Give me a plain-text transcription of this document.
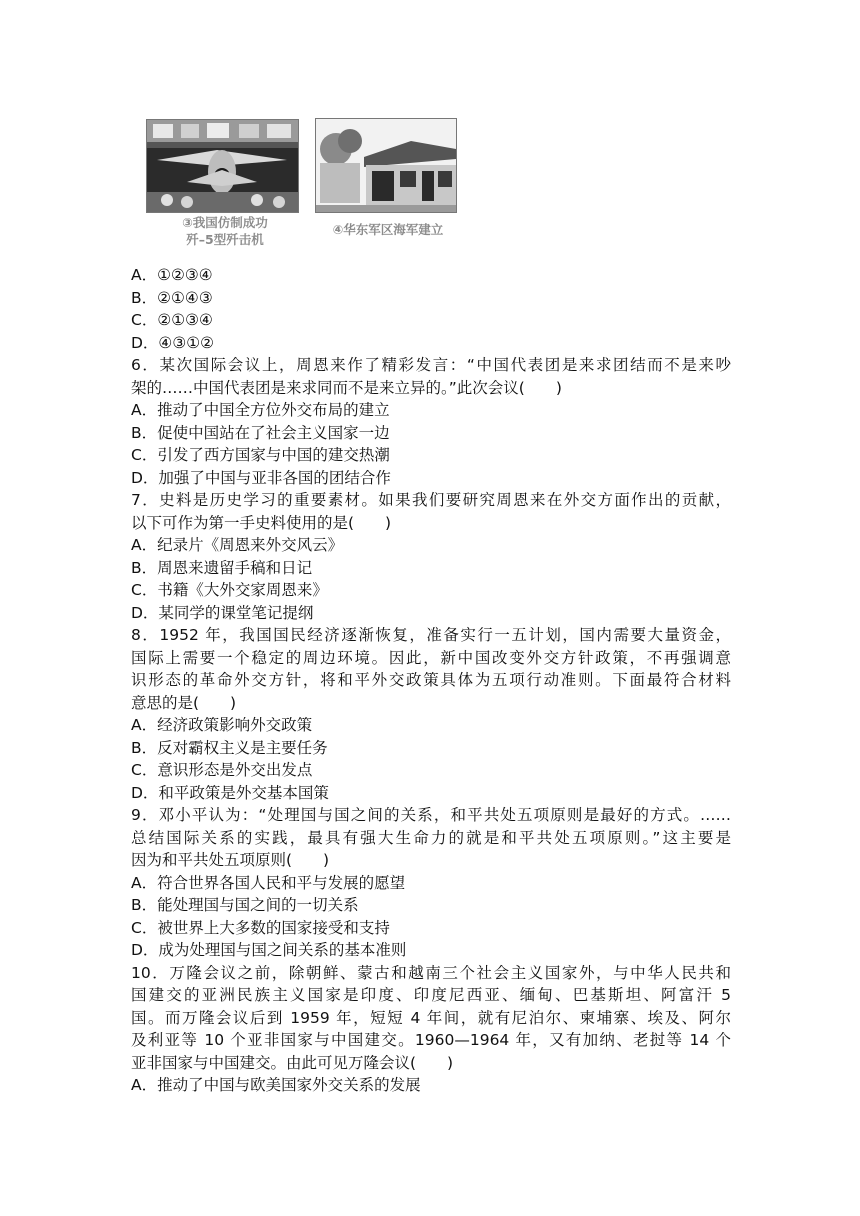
③我国仿制成功
歼–5型歼击机
④华东军区海军建立
A．①②③④
B．②①④③
C．②①③④
D．④③①②
6．某次国际会议上，周恩来作了精彩发言：“中国代表团是来求团结而不是来吵
架的……中国代表团是来求同而不是来立异的。”此次会议(　　)
A．推动了中国全方位外交布局的建立
B．促使中国站在了社会主义国家一边
C．引发了西方国家与中国的建交热潮
D．加强了中国与亚非各国的团结合作
7．史料是历史学习的重要素材。如果我们要研究周恩来在外交方面作出的贡献，
以下可作为第一手史料使用的是(　　)
A．纪录片《周恩来外交风云》
B．周恩来遗留手稿和日记
C．书籍《大外交家周恩来》
D．某同学的课堂笔记提纲
8．1952 年，我国国民经济逐渐恢复，准备实行一五计划，国内需要大量资金，
国际上需要一个稳定的周边环境。因此，新中国改变外交方针政策，不再强调意
识形态的革命外交方针，将和平外交政策具体为五项行动准则。下面最符合材料
意思的是(　　)
A．经济政策影响外交政策
B．反对霸权主义是主要任务
C．意识形态是外交出发点
D．和平政策是外交基本国策
9．邓小平认为：“处理国与国之间的关系，和平共处五项原则是最好的方式。……
总结国际关系的实践，最具有强大生命力的就是和平共处五项原则。”这主要是
因为和平共处五项原则(　　)
A．符合世界各国人民和平与发展的愿望
B．能处理国与国之间的一切关系
C．被世界上大多数的国家接受和支持
D．成为处理国与国之间关系的基本准则
10．万隆会议之前，除朝鲜、蒙古和越南三个社会主义国家外，与中华人民共和
国建交的亚洲民族主义国家是印度、印度尼西亚、缅甸、巴基斯坦、阿富汗 5
国。而万隆会议后到 1959 年，短短 4 年间，就有尼泊尔、柬埔寨、埃及、阿尔
及利亚等 10 个亚非国家与中国建交。1960—1964 年，又有加纳、老挝等 14 个
亚非国家与中国建交。由此可见万隆会议(　　)
A．推动了中国与欧美国家外交关系的发展
